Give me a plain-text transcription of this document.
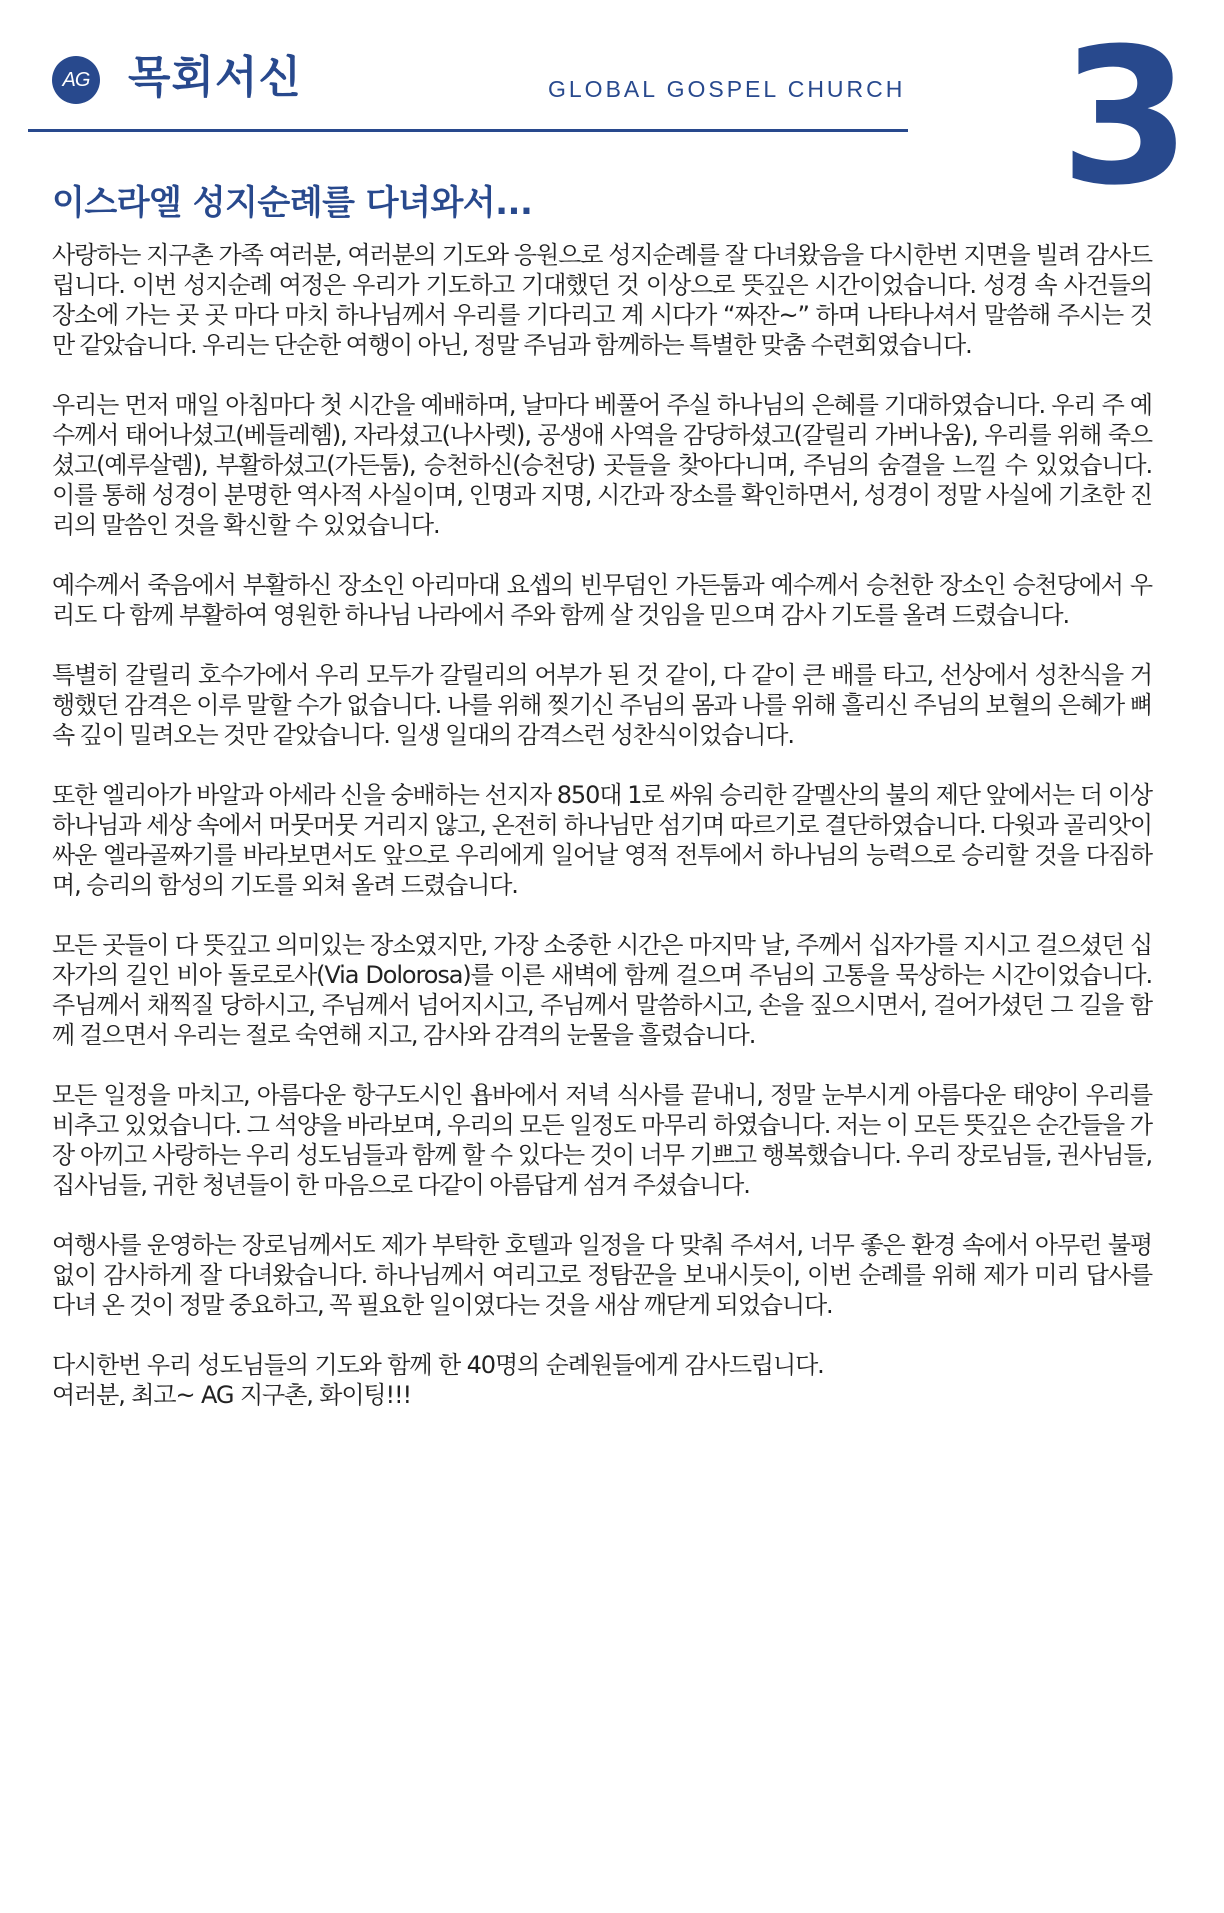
AG 목회서신	GLOBAL GOSPEL CHURCH 3
이스라엘 성지순례를 다녀와서...

사랑하는 지구촌 가족 여러분, 여러분의 기도와 응원으로 성지순례를 잘 다녀왔음을 다시한번 지면을 빌려 감사드립니다. 이번 성지순례 여정은 우리가 기도하고 기대했던 것 이상으로 뜻깊은 시간이었습니다. 성경 속 사건들의 장소에 가는 곳 곳 마다 마치 하나님께서 우리를 기다리고 계 시다가 “짜잔~” 하며 나타나셔서 말씀해 주시는 것만 같았습니다. 우리는 단순한 여행이 아닌, 정말 주님과 함께하는 특별한 맞춤 수련회였습니다.

우리는 먼저 매일 아침마다 첫 시간을 예배하며, 날마다 베풀어 주실 하나님의 은혜를 기대하였습니다. 우리 주 예수께서 태어나셨고(베들레헴), 자라셨고(나사렛), 공생애 사역을 감당하셨고(갈릴리 가버나움), 우리를 위해 죽으셨고(예루살렘), 부활하셨고(가든툼), 승천하신(승천당) 곳들을 찾아다니며, 주님의 숨결을 느낄 수 있었습니다. 이를 통해 성경이 분명한 역사적 사실이며, 인명과 지명, 시간과 장소를 확인하면서, 성경이 정말 사실에 기초한 진리의 말씀인 것을 확신할 수 있었습니다.

예수께서 죽음에서 부활하신 장소인 아리마대 요셉의 빈무덤인 가든툼과 예수께서 승천한 장소인 승천당에서 우리도 다 함께 부활하여 영원한 하나님 나라에서 주와 함께 살 것임을 믿으며 감사 기도를 올려 드렸습니다.

특별히 갈릴리 호수가에서 우리 모두가 갈릴리의 어부가 된 것 같이, 다 같이 큰 배를 타고, 선상에서 성찬식을 거행했던 감격은 이루 말할 수가 없습니다. 나를 위해 찢기신 주님의 몸과 나를 위해 흘리신 주님의 보혈의 은혜가 뼈속 깊이 밀려오는 것만 같았습니다. 일생 일대의 감격스런 성찬식이었습니다.

또한 엘리아가 바알과 아세라 신을 숭배하는 선지자 850대 1로 싸워 승리한 갈멜산의 불의 제단 앞에서는 더 이상 하나님과 세상 속에서 머뭇머뭇 거리지 않고, 온전히 하나님만 섬기며 따르기로 결단하였습니다. 다윗과 골리앗이 싸운 엘라골짜기를 바라보면서도 앞으로 우리에게 일어날 영적 전투에서 하나님의 능력으로 승리할 것을 다짐하며, 승리의 함성의 기도를 외쳐 올려 드렸습니다.

모든 곳들이 다 뜻깊고 의미있는 장소였지만, 가장 소중한 시간은 마지막 날, 주께서 십자가를 지시고 걸으셨던 십자가의 길인 비아 돌로로사(Via Dolorosa)를 이른 새벽에 함께 걸으며 주님의 고통을 묵상하는 시간이었습니다. 주님께서 채찍질 당하시고, 주님께서 넘어지시고, 주님께서 말씀하시고, 손을 짚으시면서, 걸어가셨던 그 길을 함께 걸으면서 우리는 절로 숙연해 지고, 감사와 감격의 눈물을 흘렸습니다.

모든 일정을 마치고, 아름다운 항구도시인 욥바에서 저녁 식사를 끝내니, 정말 눈부시게 아름다운 태양이 우리를 비추고 있었습니다. 그 석양을 바라보며, 우리의 모든 일정도 마무리 하였습니다. 저는 이 모든 뜻깊은 순간들을 가장 아끼고 사랑하는 우리 성도님들과 함께 할 수 있다는 것이 너무 기쁘고 행복했습니다. 우리 장로님들, 권사님들, 집사님들, 귀한 청년들이 한 마음으로 다같이 아름답게 섬겨 주셨습니다.

여행사를 운영하는 장로님께서도 제가 부탁한 호텔과 일정을 다 맞춰 주셔서, 너무 좋은 환경 속에서 아무런 불평없이 감사하게 잘 다녀왔습니다. 하나님께서 여리고로 정탐꾼을 보내시듯이, 이번 순례를 위해 제가 미리 답사를 다녀 온 것이 정말 중요하고, 꼭 필요한 일이였다는 것을 새삼 깨닫게 되었습니다.

다시한번 우리 성도님들의 기도와 함께 한 40명의 순례원들에게 감사드립니다.

여러분, 최고~ AG 지구촌, 화이팅!!!
